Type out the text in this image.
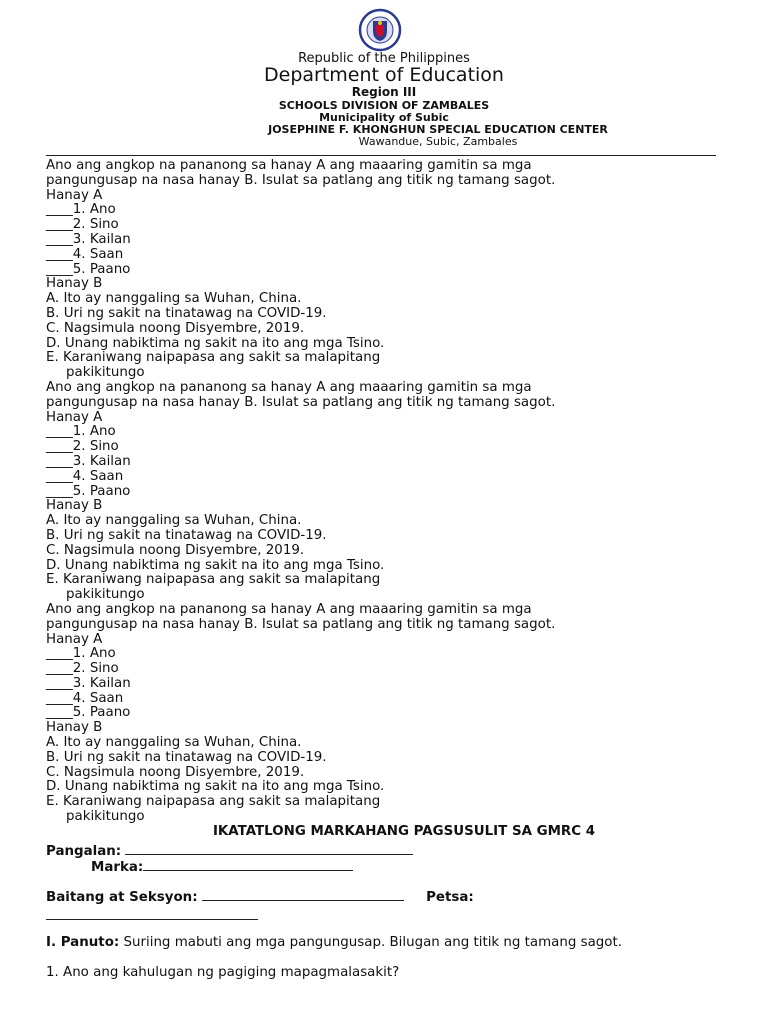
Republic of the Philippines
Department of Education
Region III
SCHOOLS DIVISION OF ZAMBALES
Municipality of Subic
JOSEPHINE F. KHONGHUN SPECIAL EDUCATION CENTER
Wawandue, Subic, Zambales
Ano ang angkop na pananong sa hanay A ang maaaring gamitin sa mga
pangungusap na nasa hanay B. Isulat sa patlang ang titik ng tamang sagot.
Hanay A
____1. Ano
____2. Sino
____3. Kailan
____4. Saan
____5. Paano
Hanay B
A. Ito ay nanggaling sa Wuhan, China.
B. Uri ng sakit na tinatawag na COVID-19.
C. Nagsimula noong Disyembre, 2019.
D. Unang nabiktima ng sakit na ito ang mga Tsino.
E. Karaniwang naipapasa ang sakit sa malapitang
pakikitungo
Ano ang angkop na pananong sa hanay A ang maaaring gamitin sa mga
pangungusap na nasa hanay B. Isulat sa patlang ang titik ng tamang sagot.
Hanay A
____1. Ano
____2. Sino
____3. Kailan
____4. Saan
____5. Paano
Hanay B
A. Ito ay nanggaling sa Wuhan, China.
B. Uri ng sakit na tinatawag na COVID-19.
C. Nagsimula noong Disyembre, 2019.
D. Unang nabiktima ng sakit na ito ang mga Tsino.
E. Karaniwang naipapasa ang sakit sa malapitang
pakikitungo
Ano ang angkop na pananong sa hanay A ang maaaring gamitin sa mga
pangungusap na nasa hanay B. Isulat sa patlang ang titik ng tamang sagot.
Hanay A
____1. Ano
____2. Sino
____3. Kailan
____4. Saan
____5. Paano
Hanay B
A. Ito ay nanggaling sa Wuhan, China.
B. Uri ng sakit na tinatawag na COVID-19.
C. Nagsimula noong Disyembre, 2019.
D. Unang nabiktima ng sakit na ito ang mga Tsino.
E. Karaniwang naipapasa ang sakit sa malapitang
pakikitungo
IKATATLONG MARKAHANG PAGSUSULIT SA GMRC 4
Pangalan:
Marka:
Baitang at Seksyon:	Petsa:
I. Panuto: Suriing mabuti ang mga pangungusap. Bilugan ang titik ng tamang sagot.
1. Ano ang kahulugan ng pagiging mapagmalasakit?
